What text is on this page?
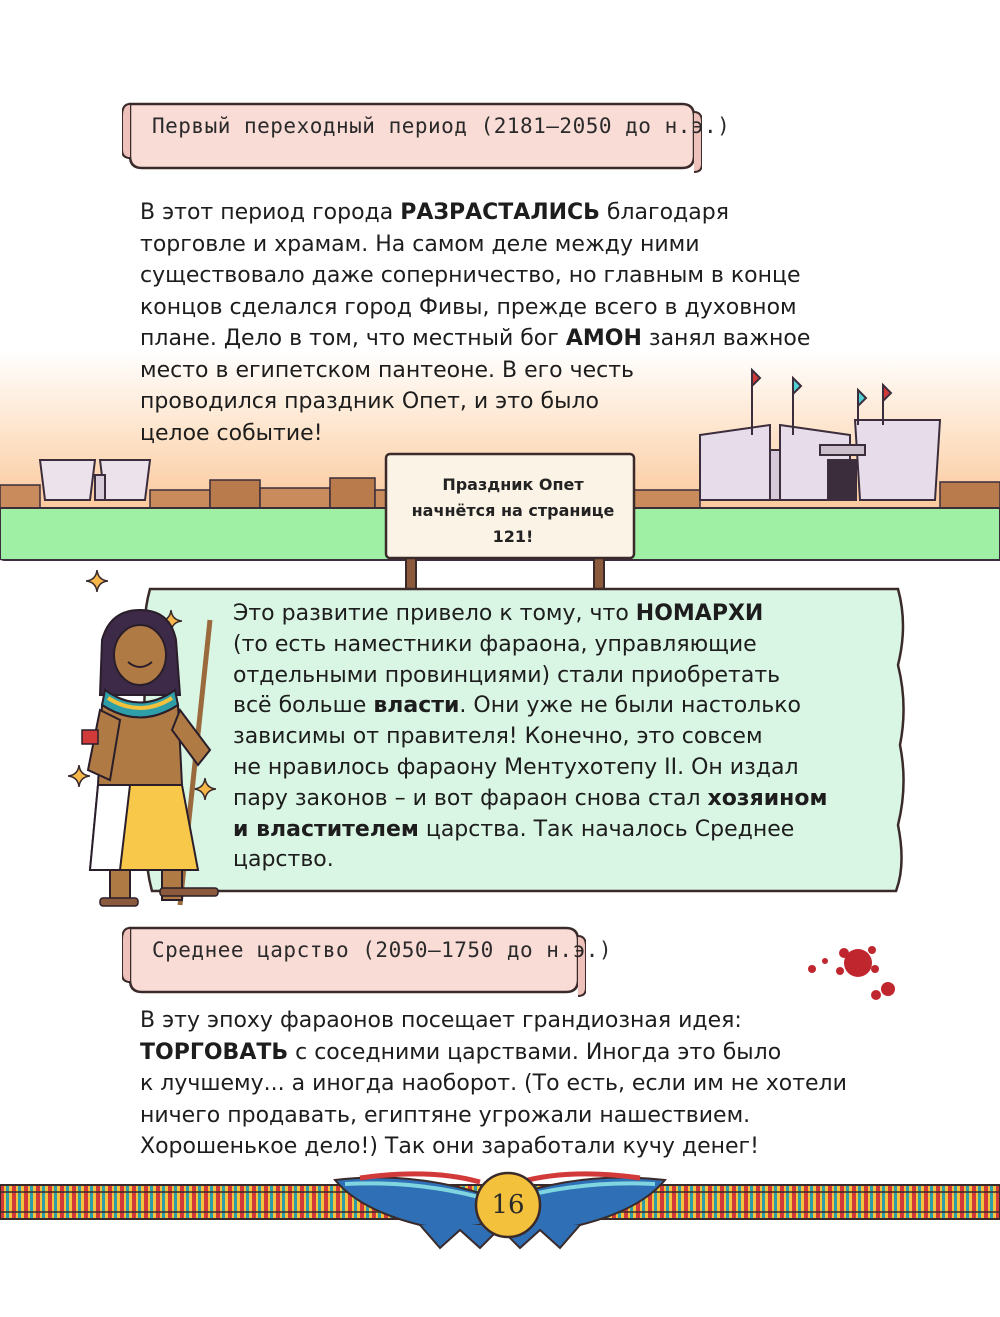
Первый переходный период (2181—2050 до н.э.)
В этот период города РАЗРАСТАЛИСЬ благодаря
торговле и храмам. На самом деле между ними
существовало даже соперничество, но главным в конце
концов сделался город Фивы, прежде всего в духовном
плане. Дело в том, что местный бог АМОН занял важное
место в египетском пантеоне. В его честь
проводился праздник Опет, и это было
целое событие!
Праздник Опет
начнётся на странице
121!
Это развитие привело к тому, что НОМАРХИ
(то есть наместники фараона, управляющие
отдельными провинциями) стали приобретать
всё больше власти. Они уже не были настолько
зависимы от правителя! Конечно, это совсем
не нравилось фараону Ментухотепу II. Он издал
пару законов – и вот фараон снова стал хозяином
и властителем царства. Так началось Среднее
царство.
Среднее царство (2050—1750 до н.э.)
В эту эпоху фараонов посещает грандиозная идея:
ТОРГОВАТЬ с соседними царствами. Иногда это было
к лучшему... а иногда наоборот. (То есть, если им не хотели
ничего продавать, египтяне угрожали нашествием.
Хорошенькое дело!) Так они заработали кучу денег!
16
